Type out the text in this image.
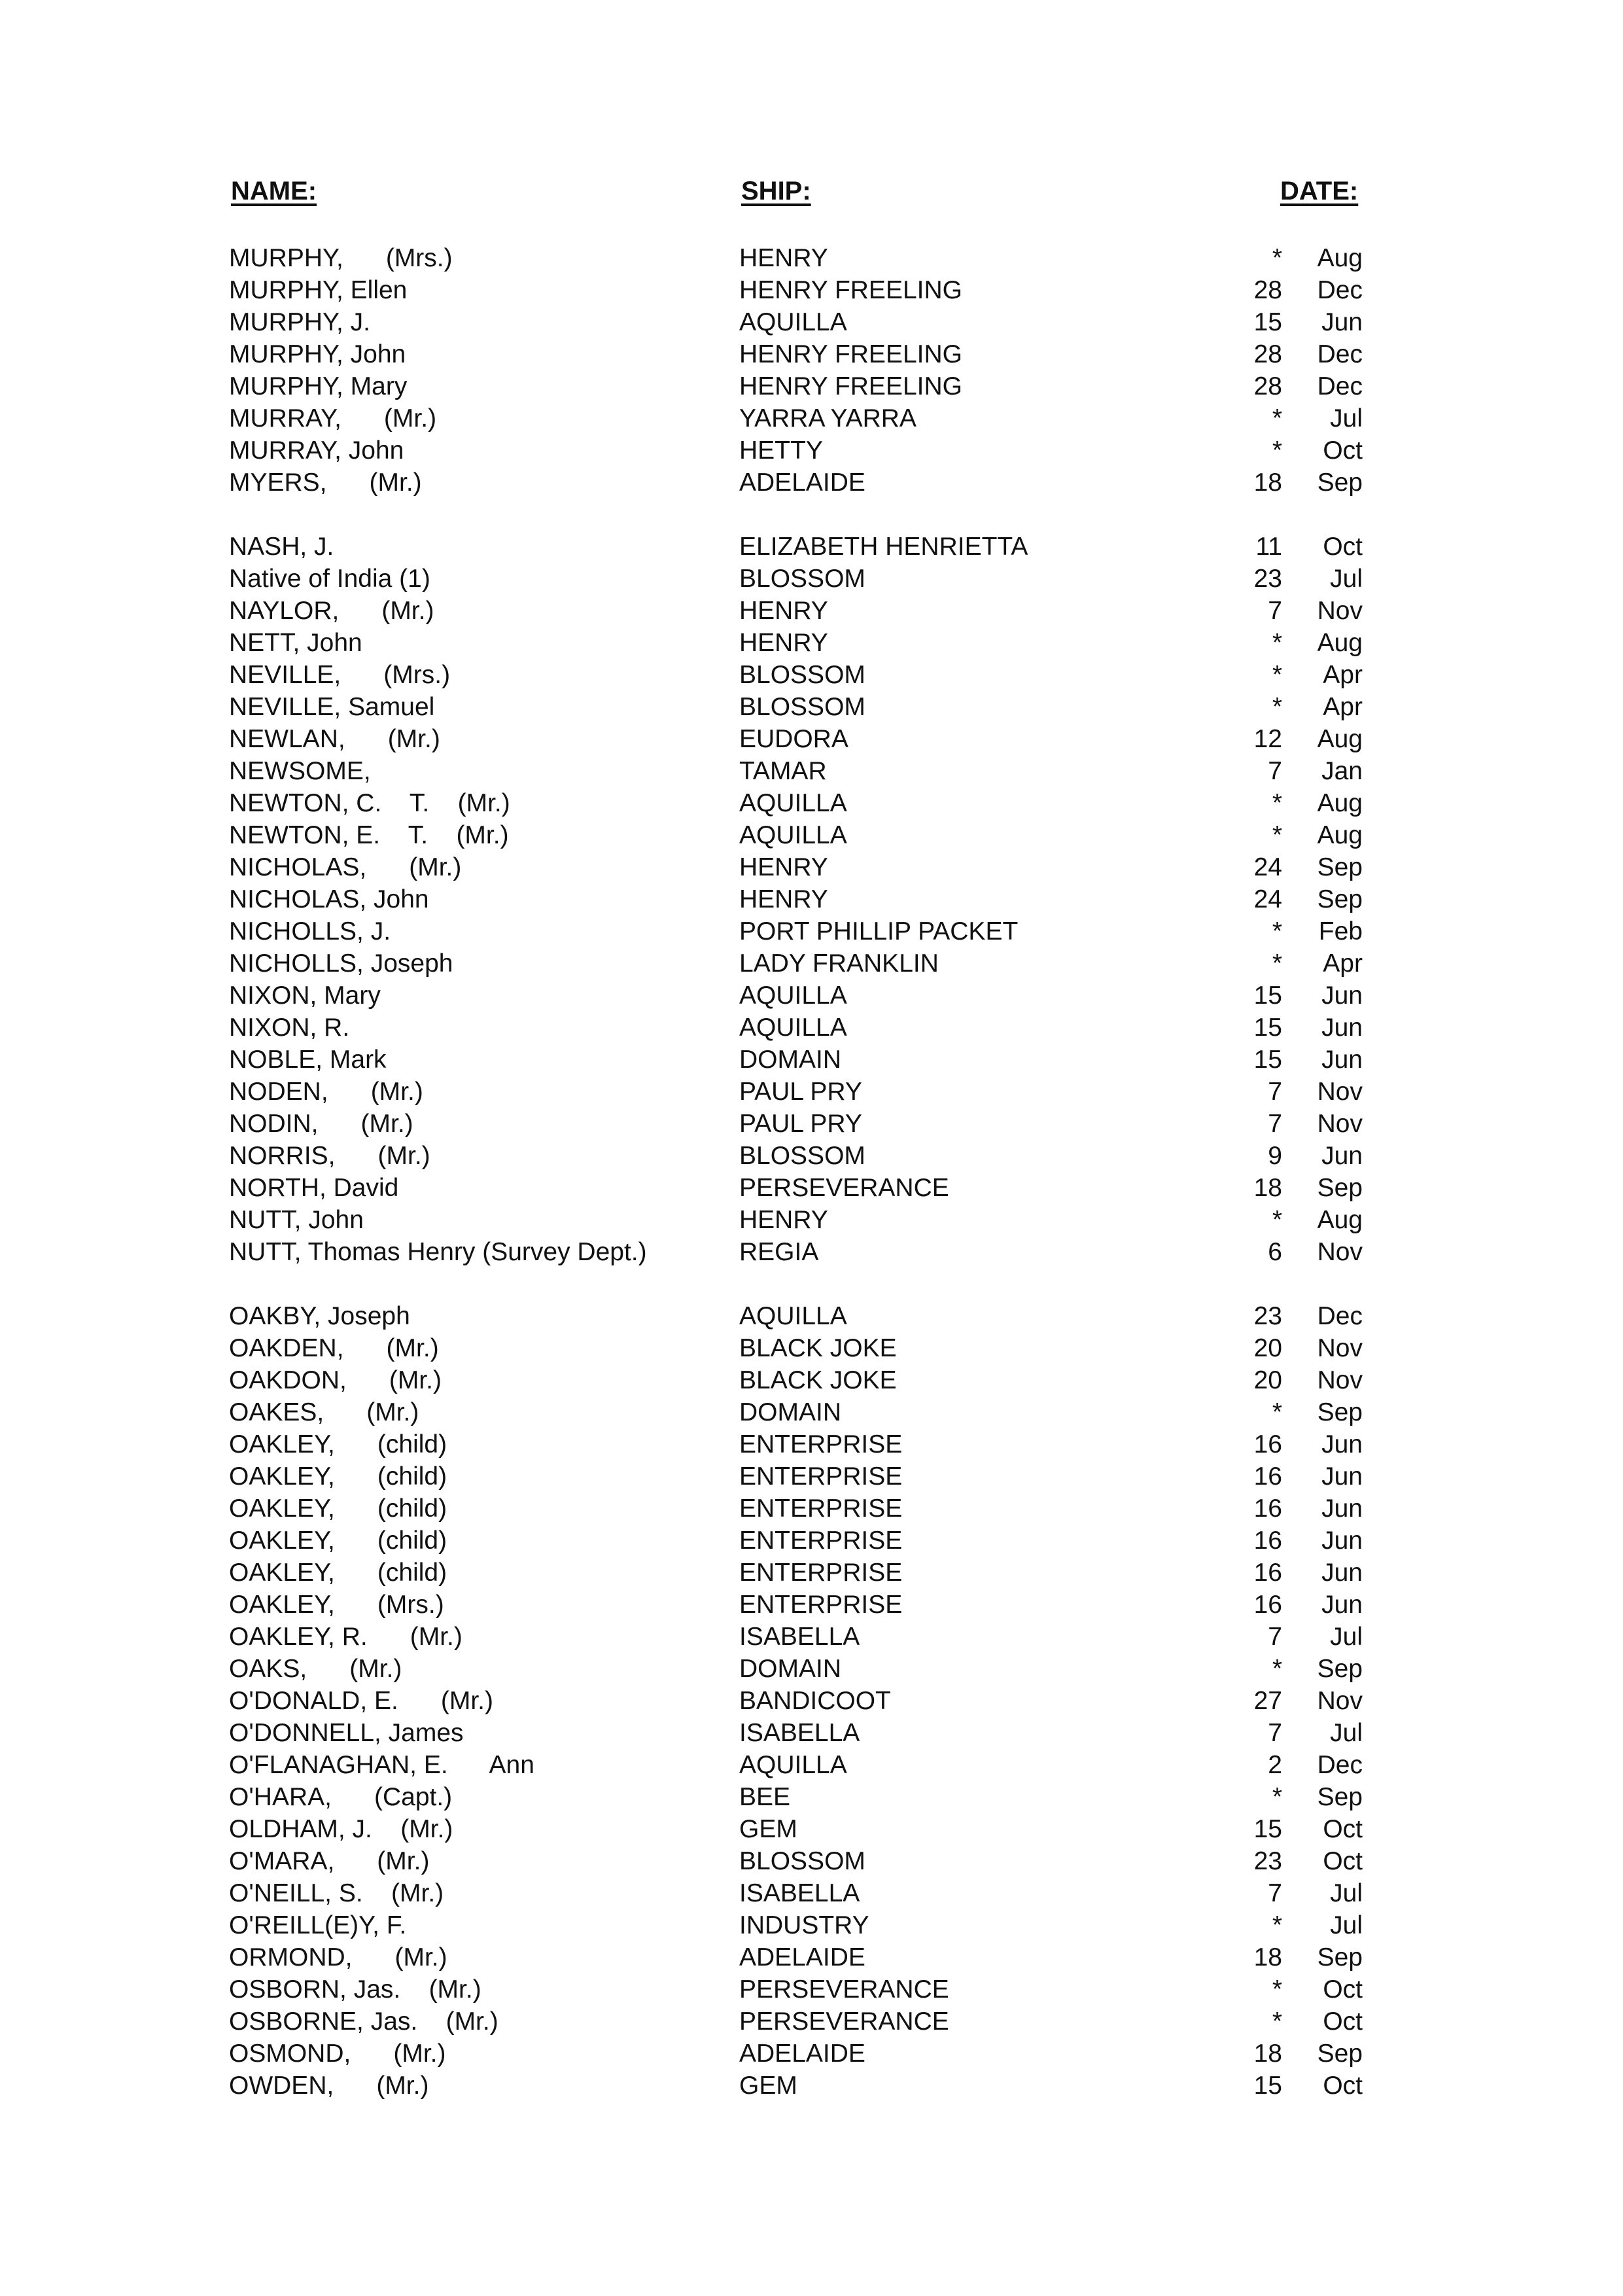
NAME:	SHIP:	DATE:
MURPHY,      (Mrs.)	HENRY	* Aug
MURPHY, Ellen	HENRY FREELING	28 Dec
MURPHY, J.	AQUILLA	15	Jun
MURPHY, John	HENRY FREELING	28 Dec
MURPHY, Mary	HENRY FREELING	28 Dec
MURRAY,      (Mr.)	YARRA YARRA	*	Jul
MURRAY, John	HETTY	*	Oct
MYERS,      (Mr.)	ADELAIDE	18 Sep
NASH, J.	ELIZABETH HENRIETTA	11	Oct
Native of India (1)	BLOSSOM	23	Jul
NAYLOR,      (Mr.)	HENRY	7 Nov
NETT, John	HENRY	* Aug
NEVILLE,      (Mrs.)	BLOSSOM	*	Apr
NEVILLE, Samuel	BLOSSOM	*	Apr
NEWLAN,      (Mr.)	EUDORA	12 Aug
NEWSOME,	TAMAR	7	Jan
NEWTON, C.    T.    (Mr.)	AQUILLA	* Aug
NEWTON, E.    T.    (Mr.)	AQUILLA	* Aug
NICHOLAS,      (Mr.)	HENRY	24 Sep
NICHOLAS, John	HENRY	24 Sep
NICHOLLS, J.	PORT PHILLIP PACKET	*	Feb
NICHOLLS, Joseph	LADY FRANKLIN	*	Apr
NIXON, Mary	AQUILLA	15	Jun
NIXON, R.	AQUILLA	15	Jun
NOBLE, Mark	DOMAIN	15	Jun
NODEN,      (Mr.)	PAUL PRY	7 Nov
NODIN,      (Mr.)	PAUL PRY	7 Nov
NORRIS,      (Mr.)	BLOSSOM	9	Jun
NORTH, David	PERSEVERANCE	18 Sep
NUTT, John	HENRY	* Aug
NUTT, Thomas Henry (Survey Dept.)	REGIA	6 Nov
OAKBY, Joseph	AQUILLA	23 Dec
OAKDEN,      (Mr.)	BLACK JOKE	20 Nov
OAKDON,      (Mr.)	BLACK JOKE	20 Nov
OAKES,      (Mr.)	DOMAIN	* Sep
OAKLEY,      (child)	ENTERPRISE	16	Jun
OAKLEY,      (child)	ENTERPRISE	16	Jun
OAKLEY,      (child)	ENTERPRISE	16	Jun
OAKLEY,      (child)	ENTERPRISE	16	Jun
OAKLEY,      (child)	ENTERPRISE	16	Jun
OAKLEY,      (Mrs.)	ENTERPRISE	16	Jun
OAKLEY, R.      (Mr.)	ISABELLA	7	Jul
OAKS,      (Mr.)	DOMAIN	* Sep
O'DONALD, E.      (Mr.)	BANDICOOT	27 Nov
O'DONNELL, James	ISABELLA	7	Jul
O'FLANAGHAN, E.      Ann	AQUILLA	2 Dec
O'HARA,      (Capt.)	BEE	* Sep
OLDHAM, J.    (Mr.)	GEM	15	Oct
O'MARA,      (Mr.)	BLOSSOM	23	Oct
O'NEILL, S.    (Mr.)	ISABELLA	7	Jul
O'REILL(E)Y, F.	INDUSTRY	*	Jul
ORMOND,      (Mr.)	ADELAIDE	18 Sep
OSBORN, Jas.    (Mr.)	PERSEVERANCE	*	Oct
OSBORNE, Jas.    (Mr.)	PERSEVERANCE	*	Oct
OSMOND,      (Mr.)	ADELAIDE	18 Sep
OWDEN,      (Mr.)	GEM	15	Oct
